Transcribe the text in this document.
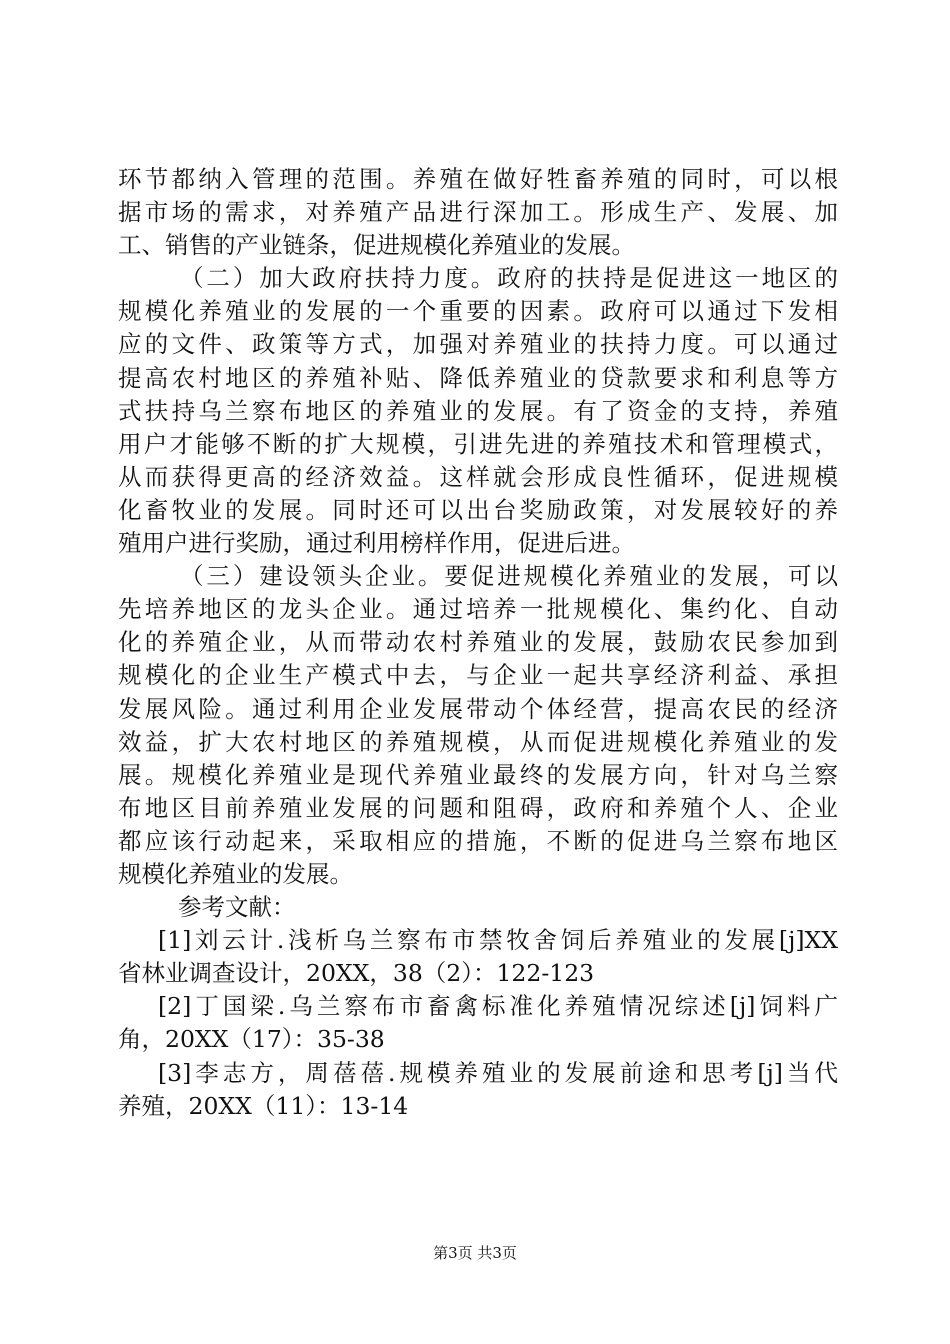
环节都纳入管理的范围。养殖在做好牲畜养殖的同时，可以根
据市场的需求，对养殖产品进行深加工。形成生产、发展、加
工、销售的产业链条，促进规模化养殖业的发展。
（二）加大政府扶持力度。政府的扶持是促进这一地区的
规模化养殖业的发展的一个重要的因素。政府可以通过下发相
应的文件、政策等方式，加强对养殖业的扶持力度。可以通过
提高农村地区的养殖补贴、降低养殖业的贷款要求和利息等方
式扶持乌兰察布地区的养殖业的发展。有了资金的支持，养殖
用户才能够不断的扩大规模，引进先进的养殖技术和管理模式，
从而获得更高的经济效益。这样就会形成良性循环，促进规模
化畜牧业的发展。同时还可以出台奖励政策，对发展较好的养
殖用户进行奖励，通过利用榜样作用，促进后进。
（三）建设领头企业。要促进规模化养殖业的发展，可以
先培养地区的龙头企业。通过培养一批规模化、集约化、自动
化的养殖企业，从而带动农村养殖业的发展，鼓励农民参加到
规模化的企业生产模式中去，与企业一起共享经济利益、承担
发展风险。通过利用企业发展带动个体经营，提高农民的经济
效益，扩大农村地区的养殖规模，从而促进规模化养殖业的发
展。规模化养殖业是现代养殖业最终的发展方向，针对乌兰察
布地区目前养殖业发展的问题和阻碍，政府和养殖个人、企业
都应该行动起来，采取相应的措施，不断的促进乌兰察布地区
规模化养殖业的发展。
参考文献：
[1]刘云计.浅析乌兰察布市禁牧舍饲后养殖业的发展[j]XX
省林业调查设计，20XX，38（2）：122-123
[2]丁国梁.乌兰察布市畜禽标准化养殖情况综述[j]饲料广
角，20XX（17）：35-38
[3]李志方，周蓓蓓.规模养殖业的发展前途和思考[j]当代
养殖，20XX（11）：13-14
第3页 共3页
